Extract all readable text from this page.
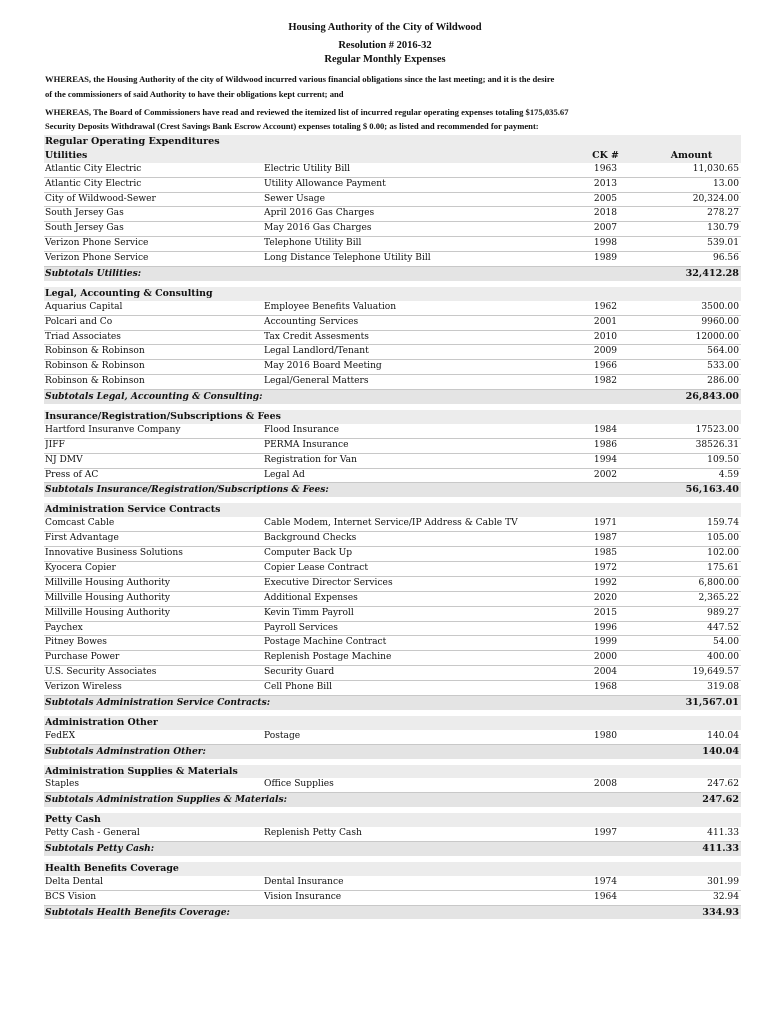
Housing Authority of the City of Wildwood
Resolution # 2016-32
Regular Monthly Expenses
WHEREAS, the Housing Authority of the city of Wildwood incurred various financial obligations since the last meeting; and it is the desire
of the commissioners of said Authority to have their obligations kept current; and
WHEREAS, The Board of Commissioners have read and reviewed the itemized list of incurred regular operating expenses totaling $175,035.67
Security Deposits Withdrawal (Crest Savings Bank Escrow Account) expenses totaling $ 0.00; as listed and recommended for payment:
Regular Operating Expenditures
Utilities	CK #	Amount
Atlantic City Electric	Electric Utility Bill	1963	11,030.65
Atlantic City Electric	Utility Allowance Payment	2013	13.00
City of Wildwood-Sewer	Sewer Usage	2005	20,324.00
South Jersey Gas	April 2016 Gas Charges	2018	278.27
South Jersey Gas	May 2016 Gas Charges	2007	130.79
Verizon Phone Service	Telephone Utility Bill	1998	539.01
Verizon Phone Service	Long Distance Telephone Utility Bill	1989	96.56
Subtotals Utilities:	32,412.28
Legal, Accounting & Consulting
Aquarius Capital	Employee Benefits Valuation	1962	3500.00
Polcari and Co	Accounting Services	2001	9960.00
Triad Associates	Tax Credit Assesments	2010	12000.00
Robinson & Robinson	Legal Landlord/Tenant	2009	564.00
Robinson & Robinson	May 2016 Board Meeting	1966	533.00
Robinson & Robinson	Legal/General Matters	1982	286.00
Subtotals Legal, Accounting & Consulting:	26,843.00
Insurance/Registration/Subscriptions & Fees
Hartford Insuranve Company	Flood Insurance	1984	17523.00
JIFF	PERMA Insurance	1986	38526.31
NJ DMV	Registration for Van	1994	109.50
Press of AC	Legal Ad	2002	4.59
Subtotals Insurance/Registration/Subscriptions & Fees:	56,163.40
Administration Service Contracts
Comcast Cable	Cable Modem, Internet Service/IP Address & Cable TV	1971	159.74
First Advantage	Background Checks	1987	105.00
Innovative Business Solutions	Computer Back Up	1985	102.00
Kyocera Copier	Copier Lease Contract	1972	175.61
Millville Housing Authority	Executive Director Services	1992	6,800.00
Millville Housing Authority	Additional Expenses	2020	2,365.22
Millville Housing Authority	Kevin Timm Payroll	2015	989.27
Paychex	Payroll Services	1996	447.52
Pitney Bowes	Postage Machine Contract	1999	54.00
Purchase Power	Replenish Postage Machine	2000	400.00
U.S. Security Associates	Security Guard	2004	19,649.57
Verizon Wireless	Cell Phone Bill	1968	319.08
Subtotals Administration Service Contracts:	31,567.01
Administration Other
FedEX	Postage	1980	140.04
Subtotals Adminstration Other:	140.04
Administration Supplies & Materials
Staples	Office Supplies	2008	247.62
Subtotals Administration Supplies & Materials:	247.62
Petty Cash
Petty Cash - General	Replenish Petty Cash	1997	411.33
Subtotals Petty Cash:	411.33
Health Benefits Coverage
Delta Dental	Dental Insurance	1974	301.99
BCS Vision	Vision Insurance	1964	32.94
Subtotals Health Benefits Coverage:	334.93
